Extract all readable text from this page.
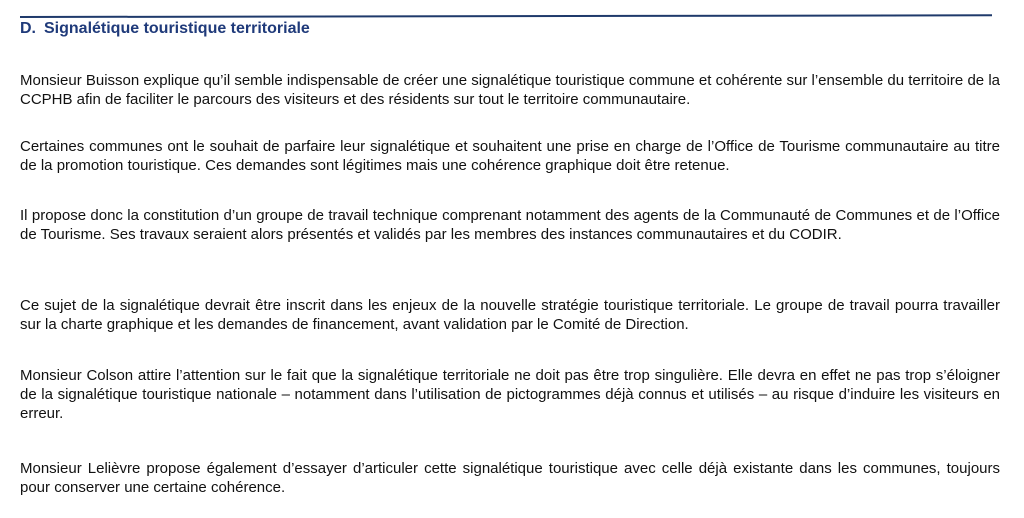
D. Signalétique touristique territoriale

Monsieur Buisson explique qu’il semble indispensable de créer une signalétique touristique commune et cohérente sur l’ensemble du territoire de la CCPHB afin de faciliter le parcours des visiteurs et des résidents sur tout le territoire communautaire.

Certaines communes ont le souhait de parfaire leur signalétique et souhaitent une prise en charge de l’Office de Tourisme communautaire au titre de la promotion touristique. Ces demandes sont légitimes mais une cohérence graphique doit être retenue.

Il propose donc la constitution d’un groupe de travail technique comprenant notamment des agents de la Communauté de Communes et de l’Office de Tourisme. Ses travaux seraient alors présentés et validés par les membres des instances communautaires et du CODIR.

Ce sujet de la signalétique devrait être inscrit dans les enjeux de la nouvelle stratégie touristique territoriale. Le groupe de travail pourra travailler sur la charte graphique et les demandes de financement, avant validation par le Comité de Direction.

Monsieur Colson attire l’attention sur le fait que la signalétique territoriale ne doit pas être trop singulière. Elle devra en effet ne pas trop s’éloigner de la signalétique touristique nationale – notamment dans l’utilisation de pictogrammes déjà connus et utilisés – au risque d’induire les visiteurs en erreur.

Monsieur Lelièvre propose également d’essayer d’articuler cette signalétique touristique avec celle déjà existante dans les communes, toujours pour conserver une certaine cohérence.
